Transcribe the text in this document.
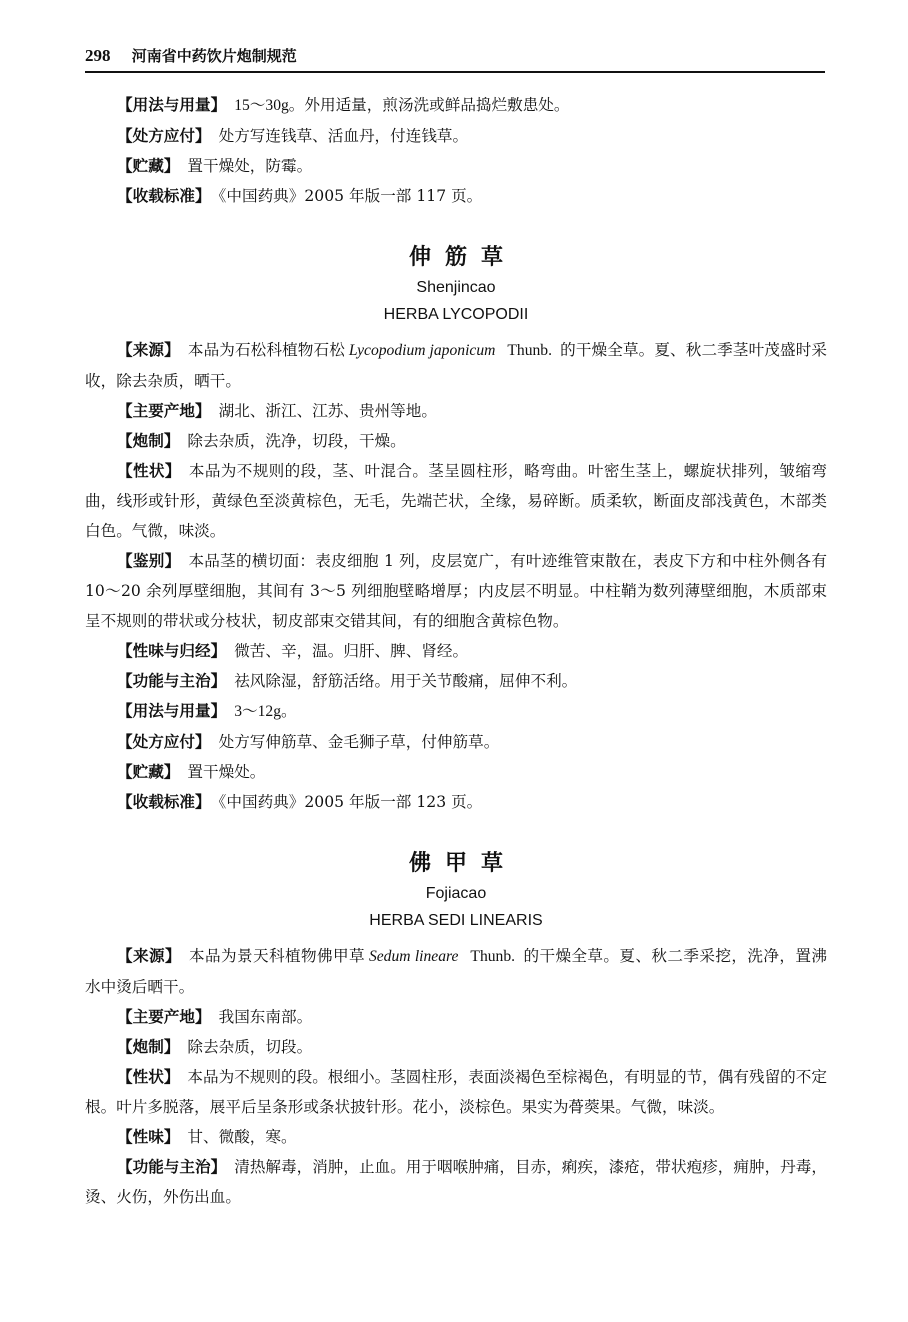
298 河南省中药饮片炮制规范

【 用法与用量 】 15～30g。外用适量，煎汤洗或鲜品捣烂敷患处。

【 处方应付 】 处方写连钱草、活血丹，付连钱草。

【 贮藏 】 置干燥处，防霉。

【 收载标准 】 《中国药典》2005 年版一部 117 页。

伸筋草
Shenjincao
HERBA LYCOPODII

【 来源 】 本品为石松科植物石松 Lycopodium japonicum Thunb. 的干燥全草。夏、秋二季茎叶茂盛时采收，除去杂质，晒干。

【 主要产地 】 湖北、浙江、江苏、贵州等地。

【 炮制 】 除去杂质，洗净，切段，干燥。

【 性状 】 本品为不规则的段，茎、叶混合。茎呈圆柱形，略弯曲。叶密生茎上，螺旋状排列，皱缩弯曲，线形或针形，黄绿色至淡黄棕色，无毛，先端芒状，全缘，易碎断。质柔软，断面皮部浅黄色，木部类白色。气微，味淡。

【 鉴别 】 本品茎的横切面：表皮细胞 1 列，皮层宽广，有叶迹维管束散在，表皮下方和中柱外侧各有 10～20 余列厚壁细胞，其间有 3～5 列细胞壁略增厚；内皮层不明显。中柱鞘为数列薄壁细胞，木质部束呈不规则的带状或分枝状，韧皮部束交错其间，有的细胞含黄棕色物。

【 性味与归经 】 微苦、辛，温。归肝、脾、肾经。

【 功能与主治 】 祛风除湿，舒筋活络。用于关节酸痛，屈伸不利。

【 用法与用量 】 3～12g。

【 处方应付 】 处方写伸筋草、金毛狮子草，付伸筋草。

【 贮藏 】 置干燥处。

【 收载标准 】 《中国药典》2005 年版一部 123 页。

佛甲草
Fojiacao
HERBA SEDI LINEARIS

【 来源 】 本品为景天科植物佛甲草 Sedum lineare Thunb. 的干燥全草。夏、秋二季采挖，洗净，置沸水中烫后晒干。

【 主要产地 】 我国东南部。

【 炮制 】 除去杂质，切段。

【 性状 】 本品为不规则的段。根细小。茎圆柱形，表面淡褐色至棕褐色，有明显的节，偶有残留的不定根。叶片多脱落，展平后呈条形或条状披针形。花小，淡棕色。果实为蓇葖果。气微，味淡。

【 性味 】 甘、微酸，寒。

【 功能与主治 】 清热解毒，消肿，止血。用于咽喉肿痛，目赤，痢疾，漆疮，带状疱疹，痈肿，丹毒，烫、火伤，外伤出血。
